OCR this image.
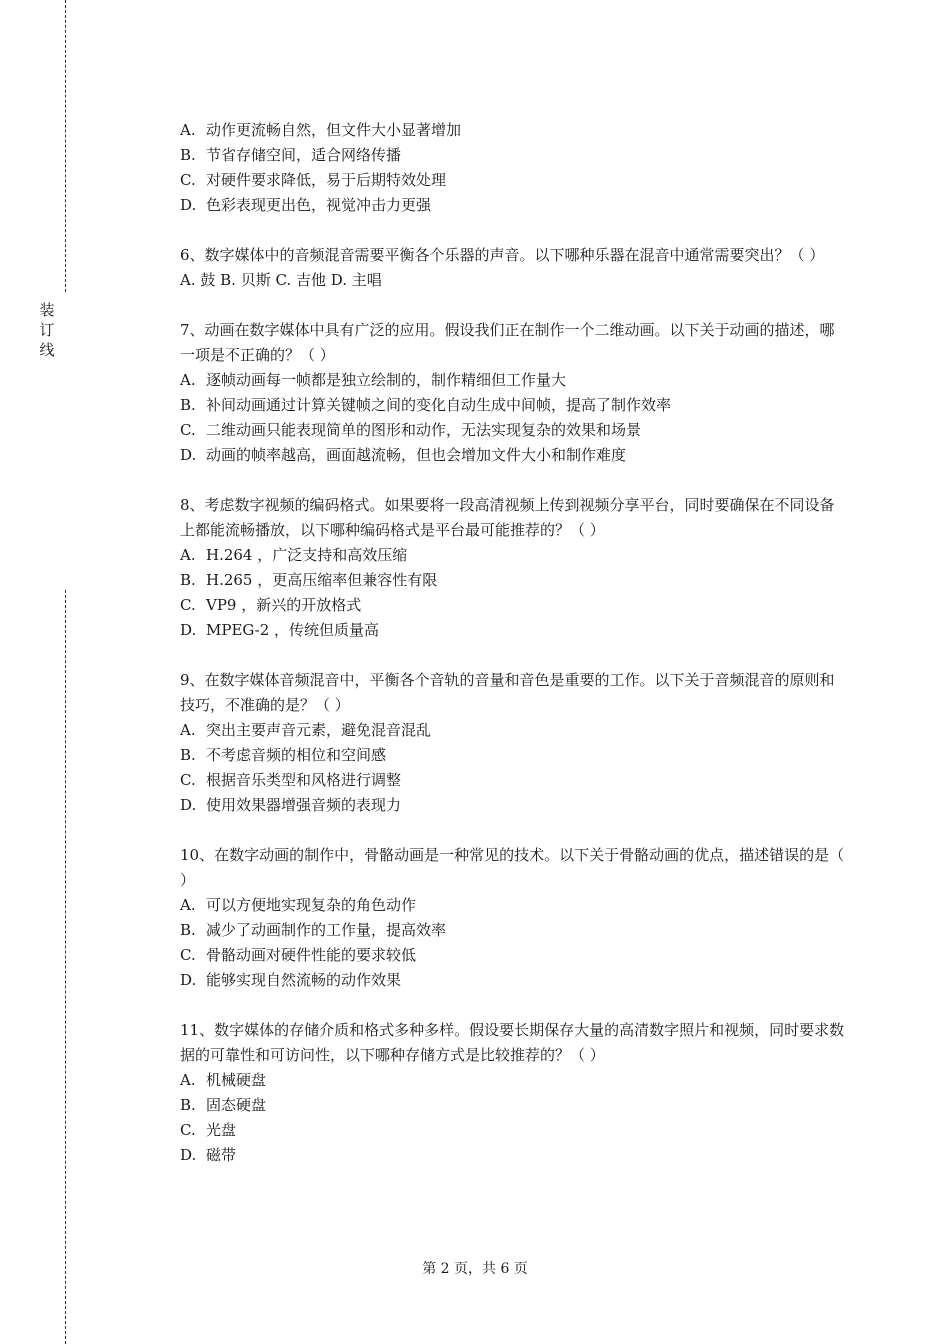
装
订
线

A. 动作更流畅自然，但文件大小显著增加

B. 节省存储空间，适合网络传播

C. 对硬件要求降低，易于后期特效处理

D. 色彩表现更出色，视觉冲击力更强

6、数字媒体中的音频混音需要平衡各个乐器的声音。以下哪种乐器在混音中通常需要突出？（ ）

A. 鼓 B. 贝斯 C. 吉他 D. 主唱

7、动画在数字媒体中具有广泛的应用。假设我们正在制作一个二维动画。以下关于动画的描述，哪一项是不正确的？（ ）

A. 逐帧动画每一帧都是独立绘制的，制作精细但工作量大

B. 补间动画通过计算关键帧之间的变化自动生成中间帧，提高了制作效率

C. 二维动画只能表现简单的图形和动作，无法实现复杂的效果和场景

D. 动画的帧率越高，画面越流畅，但也会增加文件大小和制作难度

8、考虑数字视频的编码格式。如果要将一段高清视频上传到视频分享平台，同时要确保在不同设备上都能流畅播放，以下哪种编码格式是平台最可能推荐的？（ ）

A. H.264 ，广泛支持和高效压缩

B. H.265 ，更高压缩率但兼容性有限

C. VP9 ，新兴的开放格式

D. MPEG-2 ，传统但质量高

9、在数字媒体音频混音中，平衡各个音轨的音量和音色是重要的工作。以下关于音频混音的原则和技巧，不准确的是？（ ）

A. 突出主要声音元素，避免混音混乱

B. 不考虑音频的相位和空间感

C. 根据音乐类型和风格进行调整

D. 使用效果器增强音频的表现力

10、在数字动画的制作中，骨骼动画是一种常见的技术。以下关于骨骼动画的优点，描述错误的是（ ）

A. 可以方便地实现复杂的角色动作

B. 减少了动画制作的工作量，提高效率

C. 骨骼动画对硬件性能的要求较低

D. 能够实现自然流畅的动作效果

11、数字媒体的存储介质和格式多种多样。假设要长期保存大量的高清数字照片和视频，同时要求数据的可靠性和可访问性，以下哪种存储方式是比较推荐的？（ ）

A. 机械硬盘

B. 固态硬盘

C. 光盘

D. 磁带

第 2 页，共 6 页
